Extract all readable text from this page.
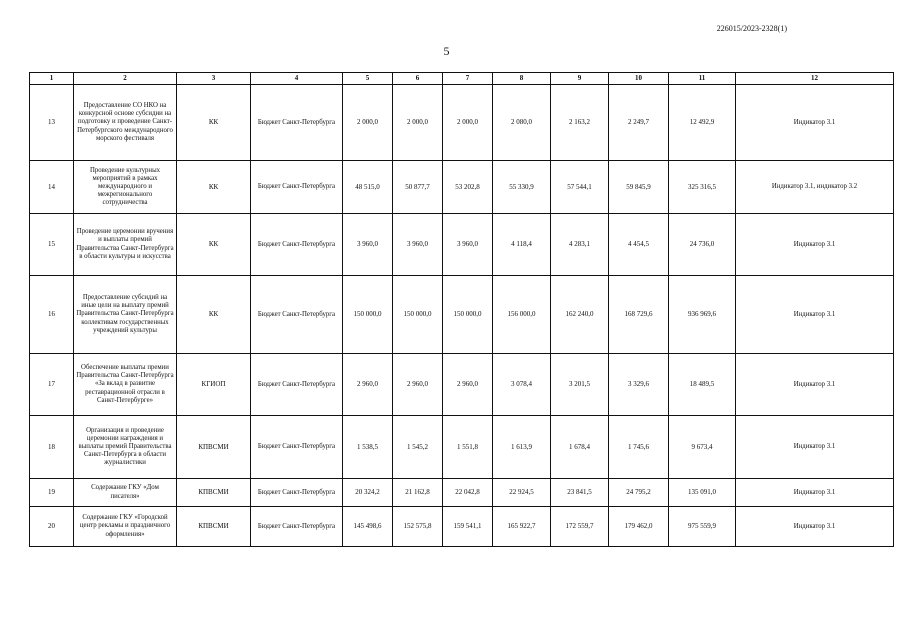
226015/2023-2328(1)
5
1	2	3	4	5	6	7	8	9	10	11	12
13	Предоставление СО НКО на конкурсной основе субсидии на подготовку и проведение Санкт-Петербургского международного морского фестиваля	КК	Бюджет Санкт-Петербурга	2 000,0	2 000,0	2 000,0	2 080,0	2 163,2	2 249,7	12 492,9	Индикатор 3.1
14	Проведение культурных мероприятий в рамках международного и межрегионального сотрудничества	КК	Бюджет Санкт-Петербурга	48 515,0	50 877,7	53 202,8	55 330,9	57 544,1	59 845,9	325 316,5	Индикатор 3.1, индикатор 3.2
15	Проведение церемонии вручения и выплаты премий Правительства Санкт-Петербурга в области культуры и искусства	КК	Бюджет Санкт-Петербурга	3 960,0	3 960,0	3 960,0	4 118,4	4 283,1	4 454,5	24 736,0	Индикатор 3.1
16	Предоставление субсидий на иные цели на выплату премий Правительства Санкт-Петербурга коллективам государственных учреждений культуры	КК	Бюджет Санкт-Петербурга	150 000,0	150 000,0	150 000,0	156 000,0	162 240,0	168 729,6	936 969,6	Индикатор 3.1
17	Обеспечение выплаты премии Правительства Санкт-Петербурга «За вклад в развитие реставрационной отрасли в Санкт-Петербурге»	КГИОП	Бюджет Санкт-Петербурга	2 960,0	2 960,0	2 960,0	3 078,4	3 201,5	3 329,6	18 489,5	Индикатор 3.1
18	Организация и проведение церемонии награждения и выплаты премий Правительства Санкт-Петербурга в области журналистики	КПВСМИ	Бюджет Санкт-Петербурга	1 538,5	1 545,2	1 551,8	1 613,9	1 678,4	1 745,6	9 673,4	Индикатор 3.1
19	Содержание ГКУ «Дом писателя»	КПВСМИ	Бюджет Санкт-Петербурга	20 324,2	21 162,8	22 042,8	22 924,5	23 841,5	24 795,2	135 091,0	Индикатор 3.1
20	Содержание ГКУ «Городской центр рекламы и праздничного оформления»	КПВСМИ	Бюджет Санкт-Петербурга	145 498,6	152 575,8	159 541,1	165 922,7	172 559,7	179 462,0	975 559,9	Индикатор 3.1
